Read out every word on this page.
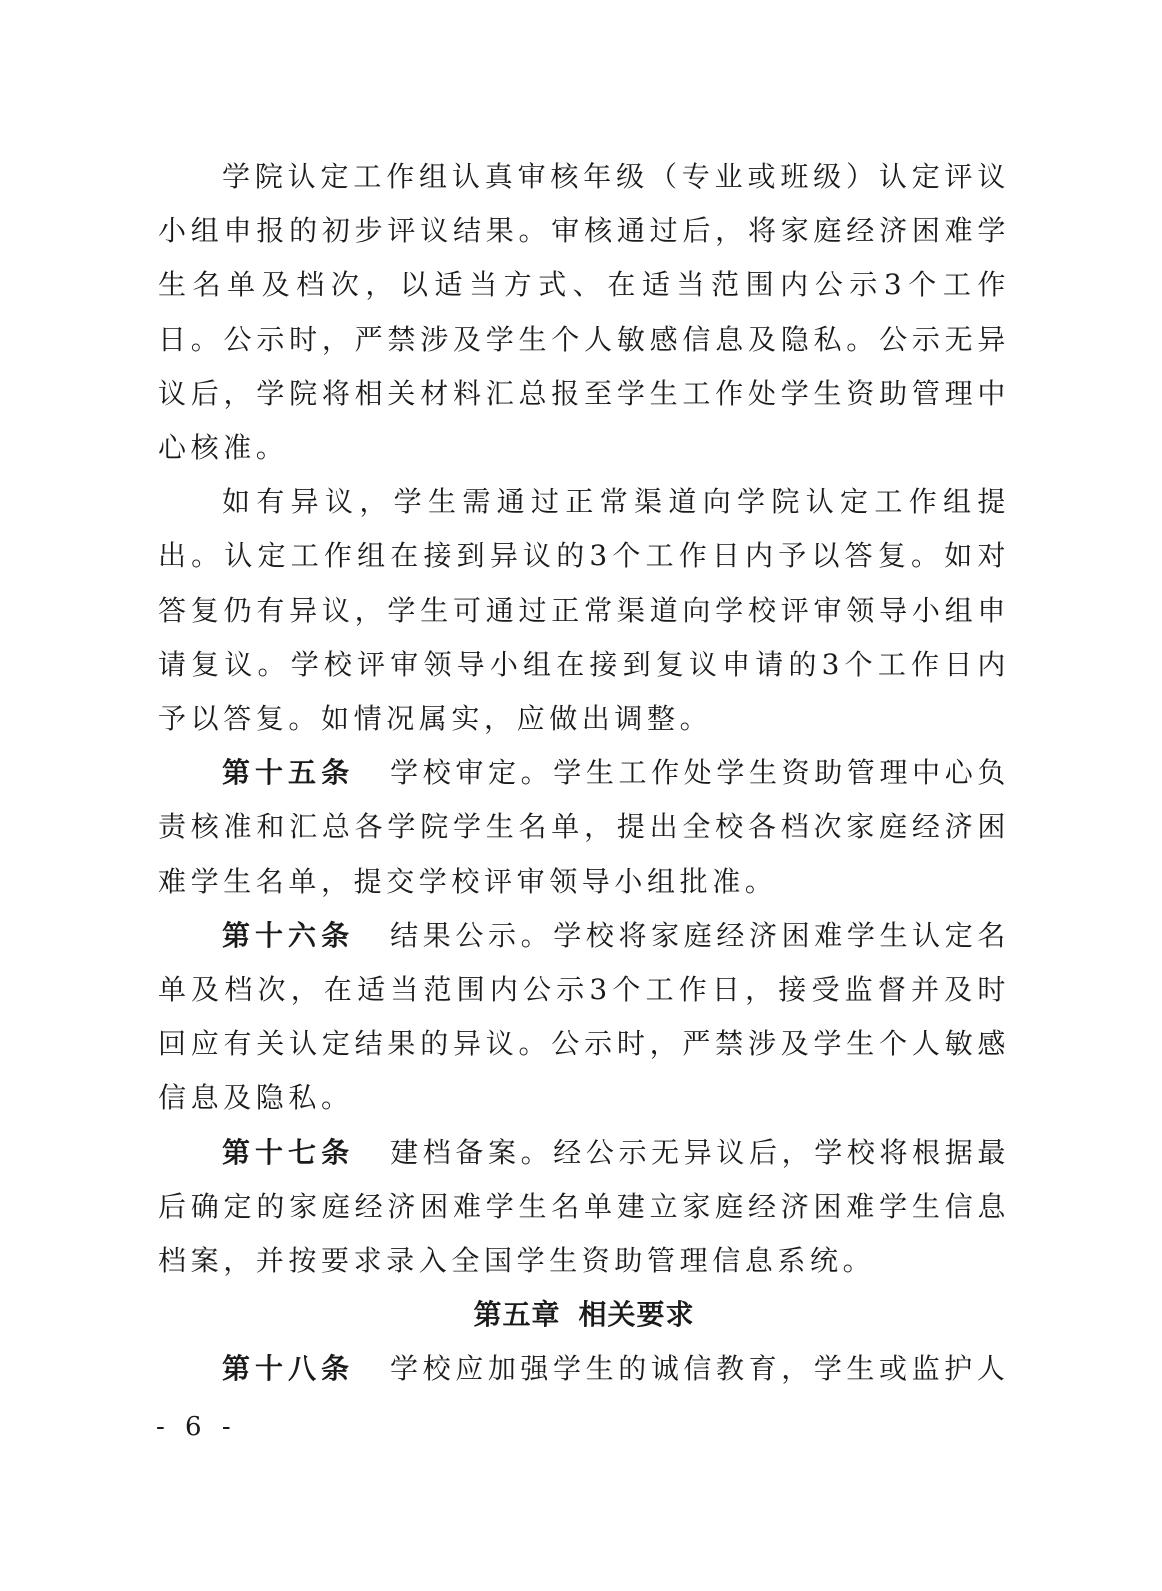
学院认定工作组认真审核年级（专业或班级）认定评议小组申报的初步评议结果。审核通过后，将家庭经济困难学生名单及档次，以适当方式、在适当范围内公示3个工作日。公示时，严禁涉及学生个人敏感信息及隐私。公示无异议后，学院将相关材料汇总报至学生工作处学生资助管理中心核准。

如有异议，学生需通过正常渠道向学院认定工作组提出。认定工作组在接到异议的3个工作日内予以答复。如对答复仍有异议，学生可通过正常渠道向学校评审领导小组申请复议。学校评审领导小组在接到复议申请的3个工作日内予以答复。如情况属实，应做出调整。

第十五条 学校审定。学生工作处学生资助管理中心负责核准和汇总各学院学生名单，提出全校各档次家庭经济困难学生名单，提交学校评审领导小组批准。

第十六条 结果公示。学校将家庭经济困难学生认定名单及档次，在适当范围内公示3个工作日，接受监督并及时回应有关认定结果的异议。公示时，严禁涉及学生个人敏感信息及隐私。

第十七条 建档备案。经公示无异议后，学校将根据最后确定的家庭经济困难学生名单建立家庭经济困难学生信息档案，并按要求录入全国学生资助管理信息系统。

第五章 相关要求

第十八条 学校应加强学生的诚信教育，学生或监护人

- 6 -
